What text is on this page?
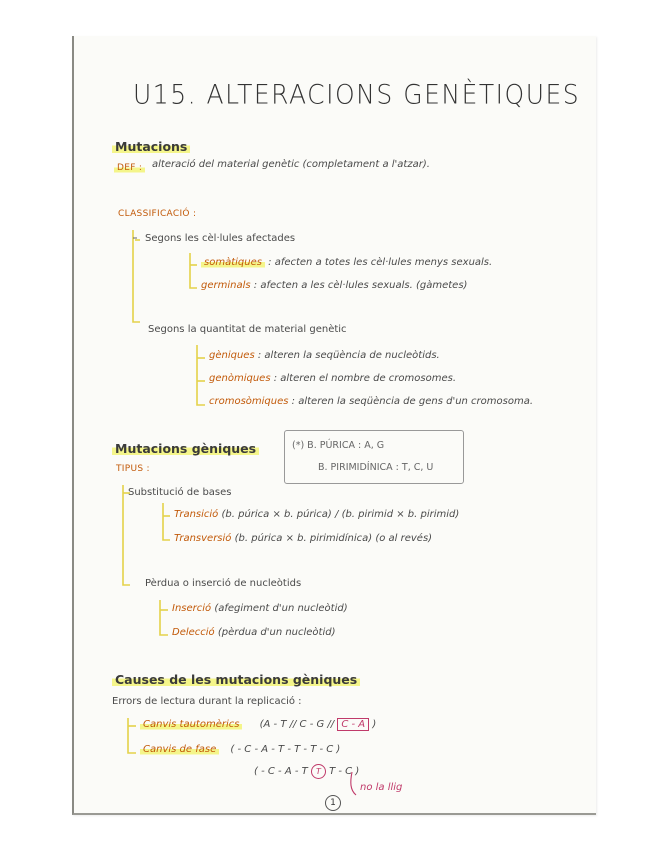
U15. ALTERACIONS GENÈTIQUES
Mutacions
DEF : alteració del material genètic (completament a l'atzar).
CLASSIFICACIÓ :
Segons les cèl·lules afectades
somàtiques : afecten a totes les cèl·lules menys sexuals.
germinals : afecten a les cèl·lules sexuals. (gàmetes)
Segons la quantitat de material genètic
gèniques : alteren la seqüència de nucleòtids.
genòmiques : alteren el nombre de cromosomes.
cromosòmiques : alteren la seqüència de gens d'un cromosoma.
Mutacions gèniques
TIPUS :
(*) B. PÚRICA : A, G
B. PIRIMIDÍNICA : T, C, U
Substitució de bases
Transició (b. púrica × b. púrica) / (b. pirimid × b. pirimid)
Transversió (b. púrica × b. pirimidínica) (o al revés)
Pèrdua o inserció de nucleòtids
Inserció (afegiment d'un nucleòtid)
Delecció (pèrdua d'un nucleòtid)
Causes de les mutacions gèniques
Errors de lectura durant la replicació :
Canvis tautomèrics (A - T // C - G // C - A )
Canvis de fase ( - C - A - T - T - T - C )
( - C - A - T T T - C )
no la llig
1
